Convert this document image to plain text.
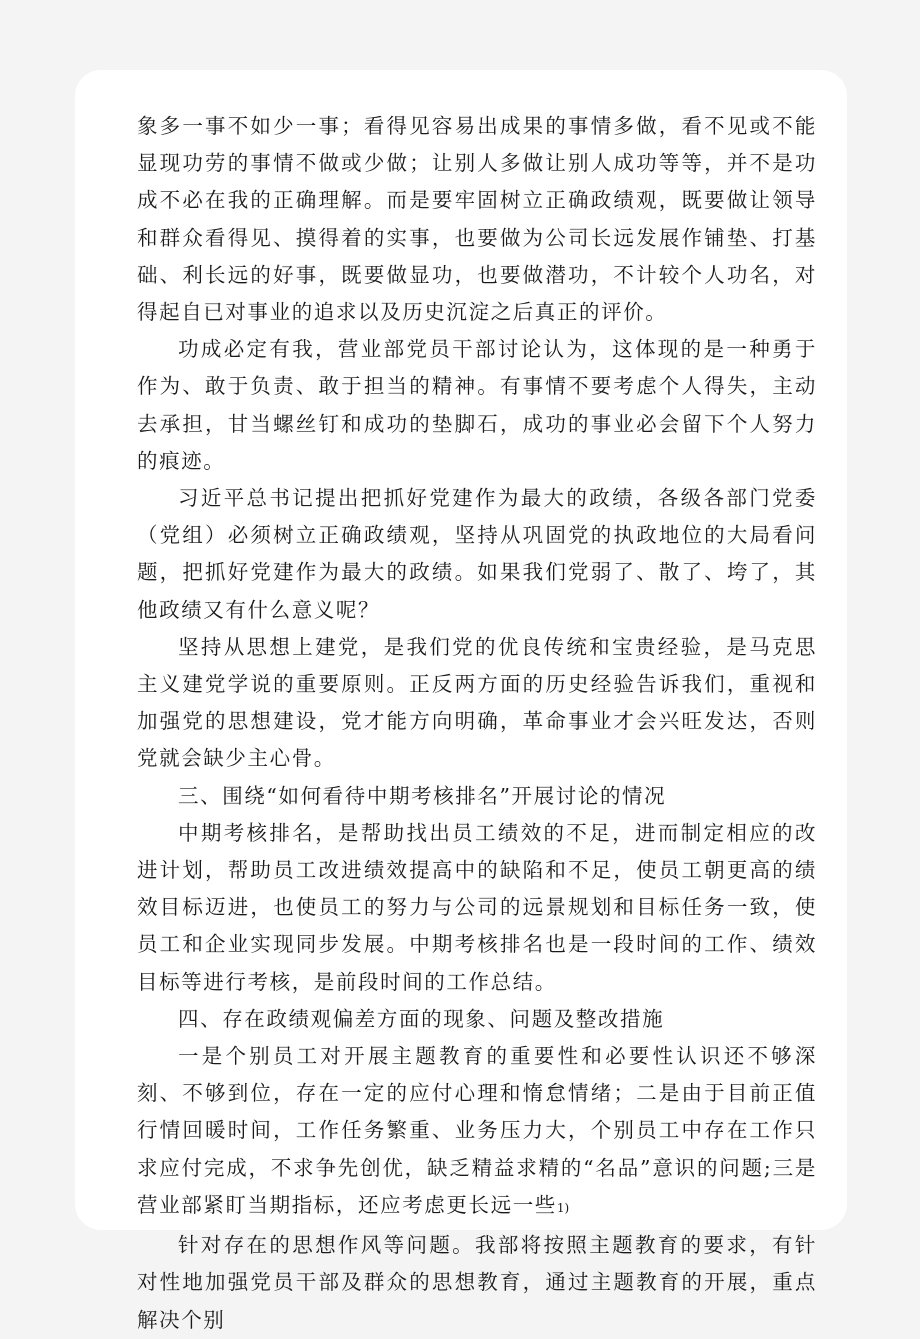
象多一事不如少一事；看得见容易出成果的事情多做，看不见或不能显现功劳的事情不做或少做；让别人多做让别人成功等等，并不是功成不必在我的正确理解。而是要牢固树立正确政绩观，既要做让领导和群众看得见、摸得着的实事，也要做为公司长远发展作铺垫、打基础、利长远的好事，既要做显功，也要做潜功，不计较个人功名，对得起自已对事业的追求以及历史沉淀之后真正的评价。

功成必定有我，营业部党员干部讨论认为，这体现的是一种勇于作为、敢于负责、敢于担当的精神。有事情不要考虑个人得失，主动去承担，甘当螺丝钉和成功的垫脚石，成功的事业必会留下个人努力的痕迹。

习近平总书记提出把抓好党建作为最大的政绩，各级各部门党委（党组）必须树立正确政绩观，坚持从巩固党的执政地位的大局看问题，把抓好党建作为最大的政绩。如果我们党弱了、散了、垮了，其他政绩又有什么意义呢？

坚持从思想上建党，是我们党的优良传统和宝贵经验，是马克思主义建党学说的重要原则。正反两方面的历史经验告诉我们，重视和加强党的思想建设，党才能方向明确，革命事业才会兴旺发达，否则党就会缺少主心骨。

三、围绕“如何看待中期考核排名”开展讨论的情况

中期考核排名，是帮助找出员工绩效的不足，进而制定相应的改进计划，帮助员工改进绩效提高中的缺陷和不足，使员工朝更高的绩效目标迈进，也使员工的努力与公司的远景规划和目标任务一致，使员工和企业实现同步发展。中期考核排名也是一段时间的工作、绩效目标等进行考核，是前段时间的工作总结。

四、存在政绩观偏差方面的现象、问题及整改措施

一是个别员工对开展主题教育的重要性和必要性认识还不够深刻、不够到位，存在一定的应付心理和惰怠情绪；二是由于目前正值行情回暖时间，工作任务繁重、业务压力大，个别员工中存在工作只求应付完成，不求争先创优，缺乏精益求精的“名品”意识的问题;三是营业部紧盯当期指标，还应考虑更长远一些1)

针对存在的思想作风等问题。我部将按照主题教育的要求，有针对性地加强党员干部及群众的思想教育，通过主题教育的开展，重点解决个别
